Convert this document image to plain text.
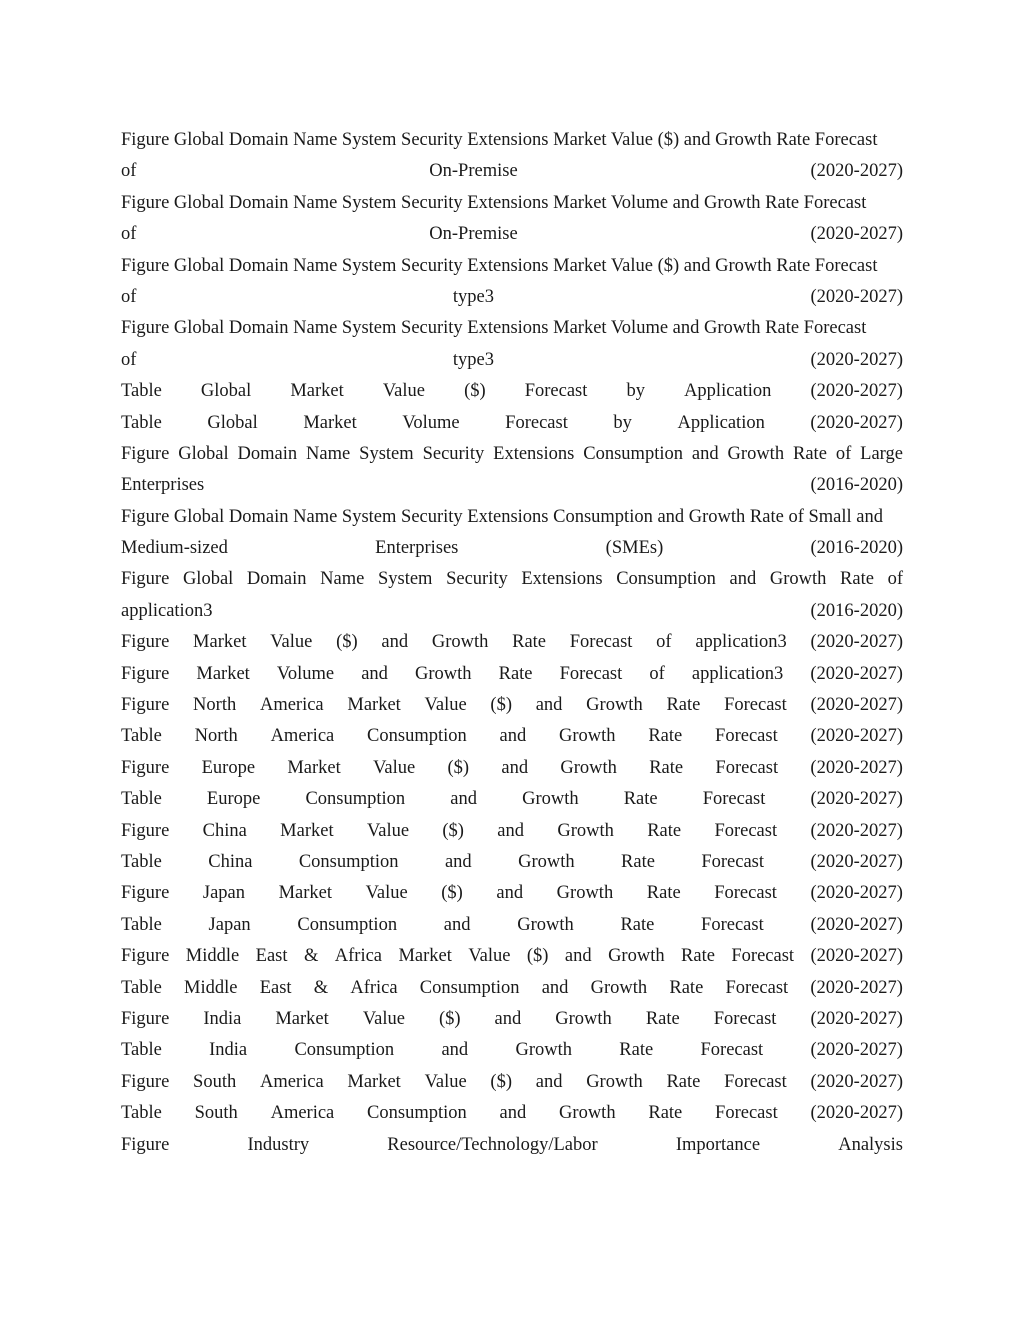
Figure Global Domain Name System Security Extensions Market Value ($) and Growth Rate Forecast
of	On-Premise	(2020-2027)
Figure Global Domain Name System Security Extensions Market Volume and Growth Rate Forecast
of	On-Premise	(2020-2027)
Figure Global Domain Name System Security Extensions Market Value ($) and Growth Rate Forecast
of	type3	(2020-2027)
Figure Global Domain Name System Security Extensions Market Volume and Growth Rate Forecast
of	type3	(2020-2027)
Table Global Market Value ($) Forecast by Application (2020-2027)
Table Global Market Volume Forecast by Application (2020-2027)
Figure Global Domain Name System Security Extensions Consumption and Growth Rate of Large
Enterprises	(2016-2020)
Figure Global Domain Name System Security Extensions Consumption and Growth Rate of Small and
Medium-sized	Enterprises	(SMEs)	(2016-2020)
Figure Global Domain Name System Security Extensions Consumption and Growth Rate of
application3	(2016-2020)
Figure Market Value ($) and Growth Rate Forecast of application3 (2020-2027)
Figure Market Volume and Growth Rate Forecast of application3 (2020-2027)
Figure North America Market Value ($) and Growth Rate Forecast (2020-2027)
Table North America Consumption and Growth Rate Forecast (2020-2027)
Figure Europe Market Value ($) and Growth Rate Forecast (2020-2027)
Table Europe Consumption and Growth Rate Forecast (2020-2027)
Figure China Market Value ($) and Growth Rate Forecast (2020-2027)
Table	China	Consumption	and	Growth	Rate	Forecast	(2020-2027)
Figure Japan Market Value ($) and Growth Rate Forecast (2020-2027)
Table	Japan	Consumption	and	Growth	Rate	Forecast	(2020-2027)
Figure Middle East & Africa Market Value ($) and Growth Rate Forecast (2020-2027)
Table Middle East & Africa Consumption and Growth Rate Forecast (2020-2027)
Figure India Market Value ($) and Growth Rate Forecast (2020-2027)
Table	India	Consumption	and	Growth	Rate	Forecast	(2020-2027)
Figure South America Market Value ($) and Growth Rate Forecast (2020-2027)
Table South America Consumption and Growth Rate Forecast (2020-2027)
Figure	Industry	Resource/Technology/Labor	Importance	Analysis
